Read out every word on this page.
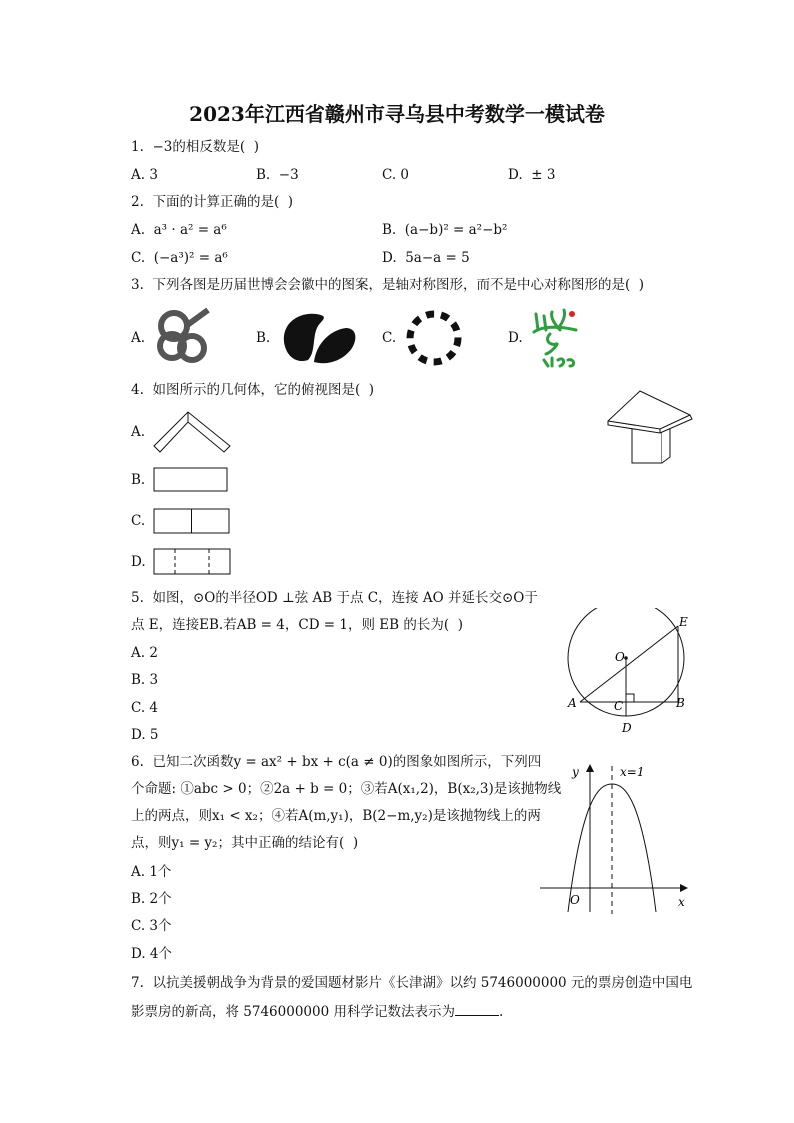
2023年江西省赣州市寻乌县中考数学一模试卷
1.  −3的相反数是(  )
A. 3	B.  −3	C. 0	D.  ± 3
2.  下面的计算正确的是(  )
A.  a³ · a² = a⁶	B.  (a−b)² = a²−b²
C.  (−a³)² = a⁶	D.  5a−a = 5
3.  下列各图是历届世博会会徽中的图案，是轴对称图形，而不是中心对称图形的是(  )
A.	B.	C.	D.
4.  如图所示的几何体，它的俯视图是(  )
A.
B.
C.
D.
5.  如图，⊙O的半径OD ⊥弦 AB 于点 C，连接 AO 并延长交⊙O于
点 E，连接EB.若AB = 4，CD = 1，则 EB 的长为(  )
A. 2
B. 3
C. 4
D. 5
O
E
A	C	B
D
6.  已知二次函数y = ax² + bx + c(a ≠ 0)的图象如图所示，下列四
个命题: ①abc > 0；②2a + b = 0；③若A(x₁,2)，B(x₂,3)是该抛物线
上的两点，则x₁ < x₂；④若A(m,y₁)，B(2−m,y₂)是该抛物线上的两
点，则y₁ = y₂；其中正确的结论有(  )
A. 1个
B. 2个
C. 3个
D. 4个
y	x=1
O	x
7.  以抗美援朝战争为背景的爱国题材影片《长津湖》以约 5746000000 元的票房创造中国电
影票房的新高，将 5746000000 用科学记数法表示为	.
